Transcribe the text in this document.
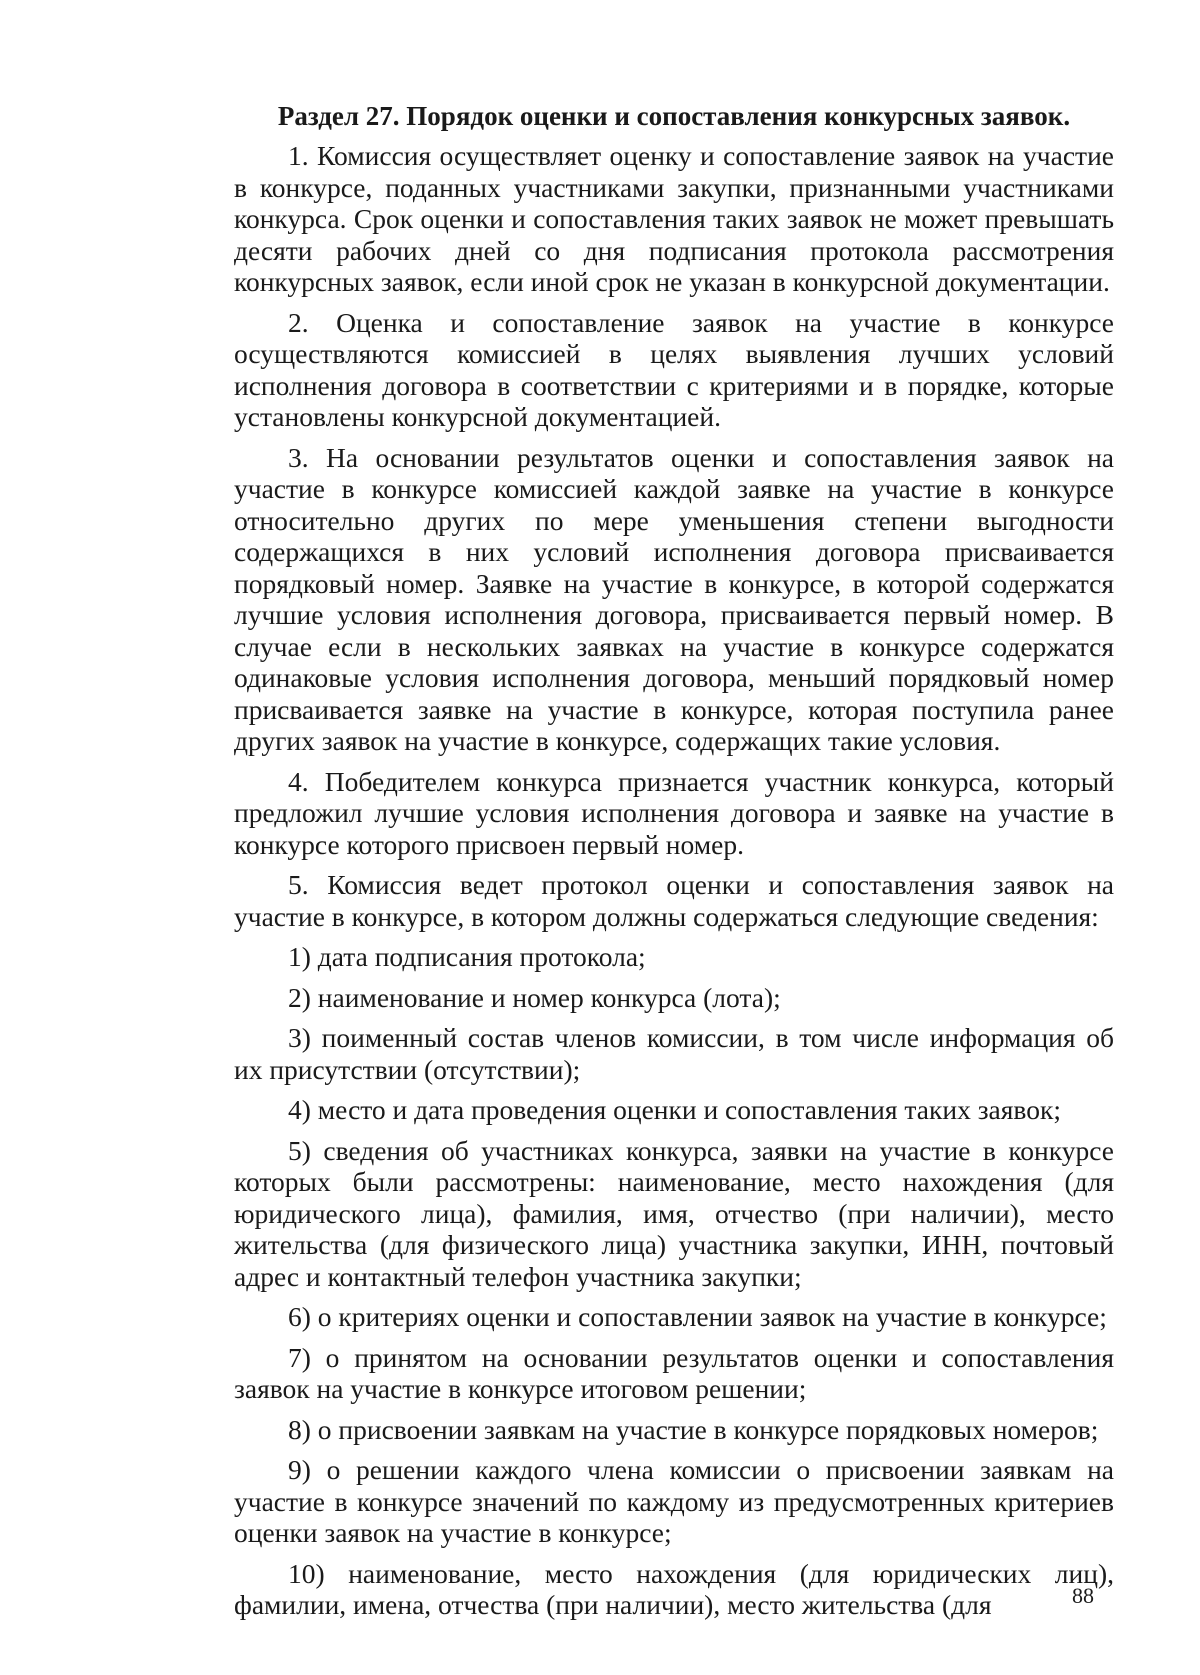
Раздел 27. Порядок оценки и сопоставления конкурсных заявок.

1. Комиссия осуществляет оценку и сопоставление заявок на участие в конкурсе, поданных участниками закупки, признанными участниками конкурса. Срок оценки и сопоставления таких заявок не может превышать десяти рабочих дней со дня подписания протокола рассмотрения конкурсных заявок, если иной срок не указан в конкурсной документации.

2. Оценка и сопоставление заявок на участие в конкурсе осуществляются комиссией в целях выявления лучших условий исполнения договора в соответствии с критериями и в порядке, которые установлены конкурсной документацией.

3. На основании результатов оценки и сопоставления заявок на участие в конкурсе комиссией каждой заявке на участие в конкурсе относительно других по мере уменьшения степени выгодности содержащихся в них условий исполнения договора присваивается порядковый номер. Заявке на участие в конкурсе, в которой содержатся лучшие условия исполнения договора, присваивается первый номер. В случае если в нескольких заявках на участие в конкурсе содержатся одинаковые условия исполнения договора, меньший порядковый номер присваивается заявке на участие в конкурсе, которая поступила ранее других заявок на участие в конкурсе, содержащих такие условия.

4. Победителем конкурса признается участник конкурса, который предложил лучшие условия исполнения договора и заявке на участие в конкурсе которого присвоен первый номер.

5. Комиссия ведет протокол оценки и сопоставления заявок на участие в конкурсе, в котором должны содержаться следующие сведения:

1) дата подписания протокола;

2) наименование и номер конкурса (лота);

3) поименный состав членов комиссии, в том числе информация об их присутствии (отсутствии);

4) место и дата проведения оценки и сопоставления таких заявок;

5) сведения об участниках конкурса, заявки на участие в конкурсе которых были рассмотрены: наименование, место нахождения (для юридического лица), фамилия, имя, отчество (при наличии), место жительства (для физического лица) участника закупки, ИНН, почтовый адрес и контактный телефон участника закупки;

6) о критериях оценки и сопоставлении заявок на участие в конкурсе;

7) о принятом на основании результатов оценки и сопоставления заявок на участие в конкурсе итоговом решении;

8) о присвоении заявкам на участие в конкурсе порядковых номеров;

9) о решении каждого члена комиссии о присвоении заявкам на участие в конкурсе значений по каждому из предусмотренных критериев оценки заявок на участие в конкурсе;

10) наименование, место нахождения (для юридических лиц), фамилии, имена, отчества (при наличии), место жительства (для	88
